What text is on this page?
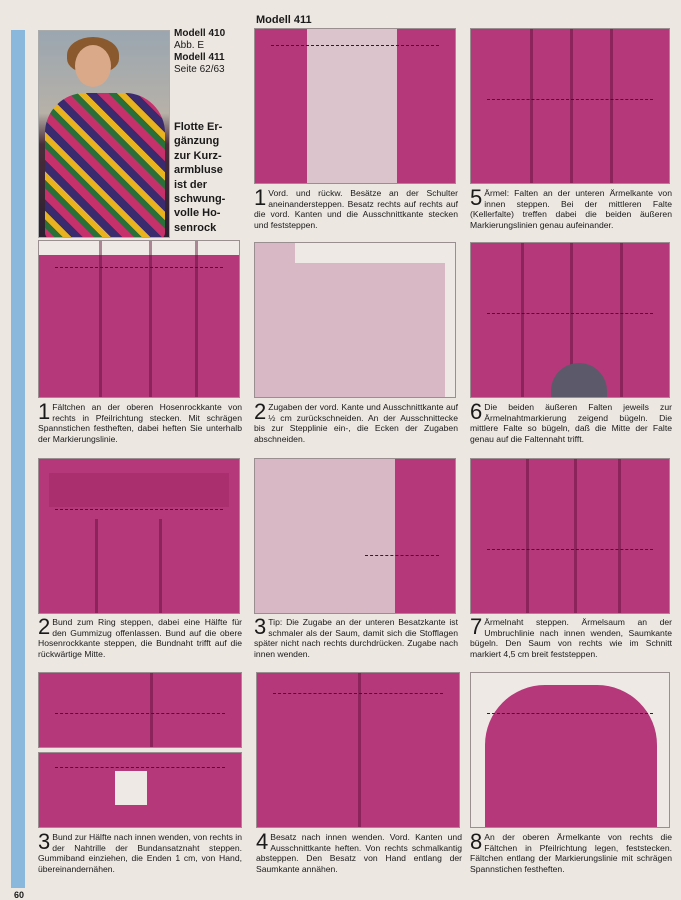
Modell 410
Abb. E
Modell 411
Seite 62/63
Flotte Er-
gänzung
zur Kurz-
armbluse
ist der
schwung-
volle Ho-
senrock
Modell 411
1 Fältchen an der oberen Hosenrockkante von rechts in Pfeilrichtung stecken. Mit schrägen Spannstichen festheften, dabei heften Sie unterhalb der Markierungslinie.
2 Bund zum Ring steppen, dabei eine Hälfte für den Gummizug offenlassen. Bund auf die obere Hosenrockkante steppen, die Bundnaht trifft auf die rückwärtige Mitte.
3 Bund zur Hälfte nach innen wenden, von rechts in der Nahtrille der Bundansatznaht steppen. Gummiband einziehen, die Enden 1 cm, von Hand, übereinandernähen.
1 Vord. und rückw. Besätze an der Schulter aneinandersteppen. Besatz rechts auf rechts auf die vord. Kanten und die Ausschnittkante stecken und feststeppen.
2 Zugaben der vord. Kante und Ausschnittkante auf ½ cm zurückschneiden. An der Ausschnittecke bis zur Stepplinie ein-, die Ecken der Zugaben abschneiden.
3 Tip: Die Zugabe an der unteren Besatzkante ist schmaler als der Saum, damit sich die Stofflagen später nicht nach rechts durchdrücken. Zugabe nach innen wenden.
4 Besatz nach innen wenden. Vord. Kanten und Ausschnittkante heften. Von rechts schmalkantig absteppen. Den Besatz von Hand entlang der Saumkante annähen.
5 Ärmel: Falten an der unteren Ärmelkante von innen steppen. Bei der mittleren Falte (Kellerfalte) treffen dabei die beiden äußeren Markierungslinien genau aufeinander.
6 Die beiden äußeren Falten jeweils zur Ärmelnahtmarkierung zeigend bügeln. Die mittlere Falte so bügeln, daß die Mitte der Falte genau auf die Faltennaht trifft.
7 Ärmelnaht steppen. Ärmelsaum an der Umbruchlinie nach innen wenden, Saumkante bügeln. Den Saum von rechts wie im Schnitt markiert 4,5 cm breit feststeppen.
8 An der oberen Ärmelkante von rechts die Fältchen in Pfeilrichtung legen, feststecken. Fältchen entlang der Markierungslinie mit schrägen Spannstichen festheften.
60
